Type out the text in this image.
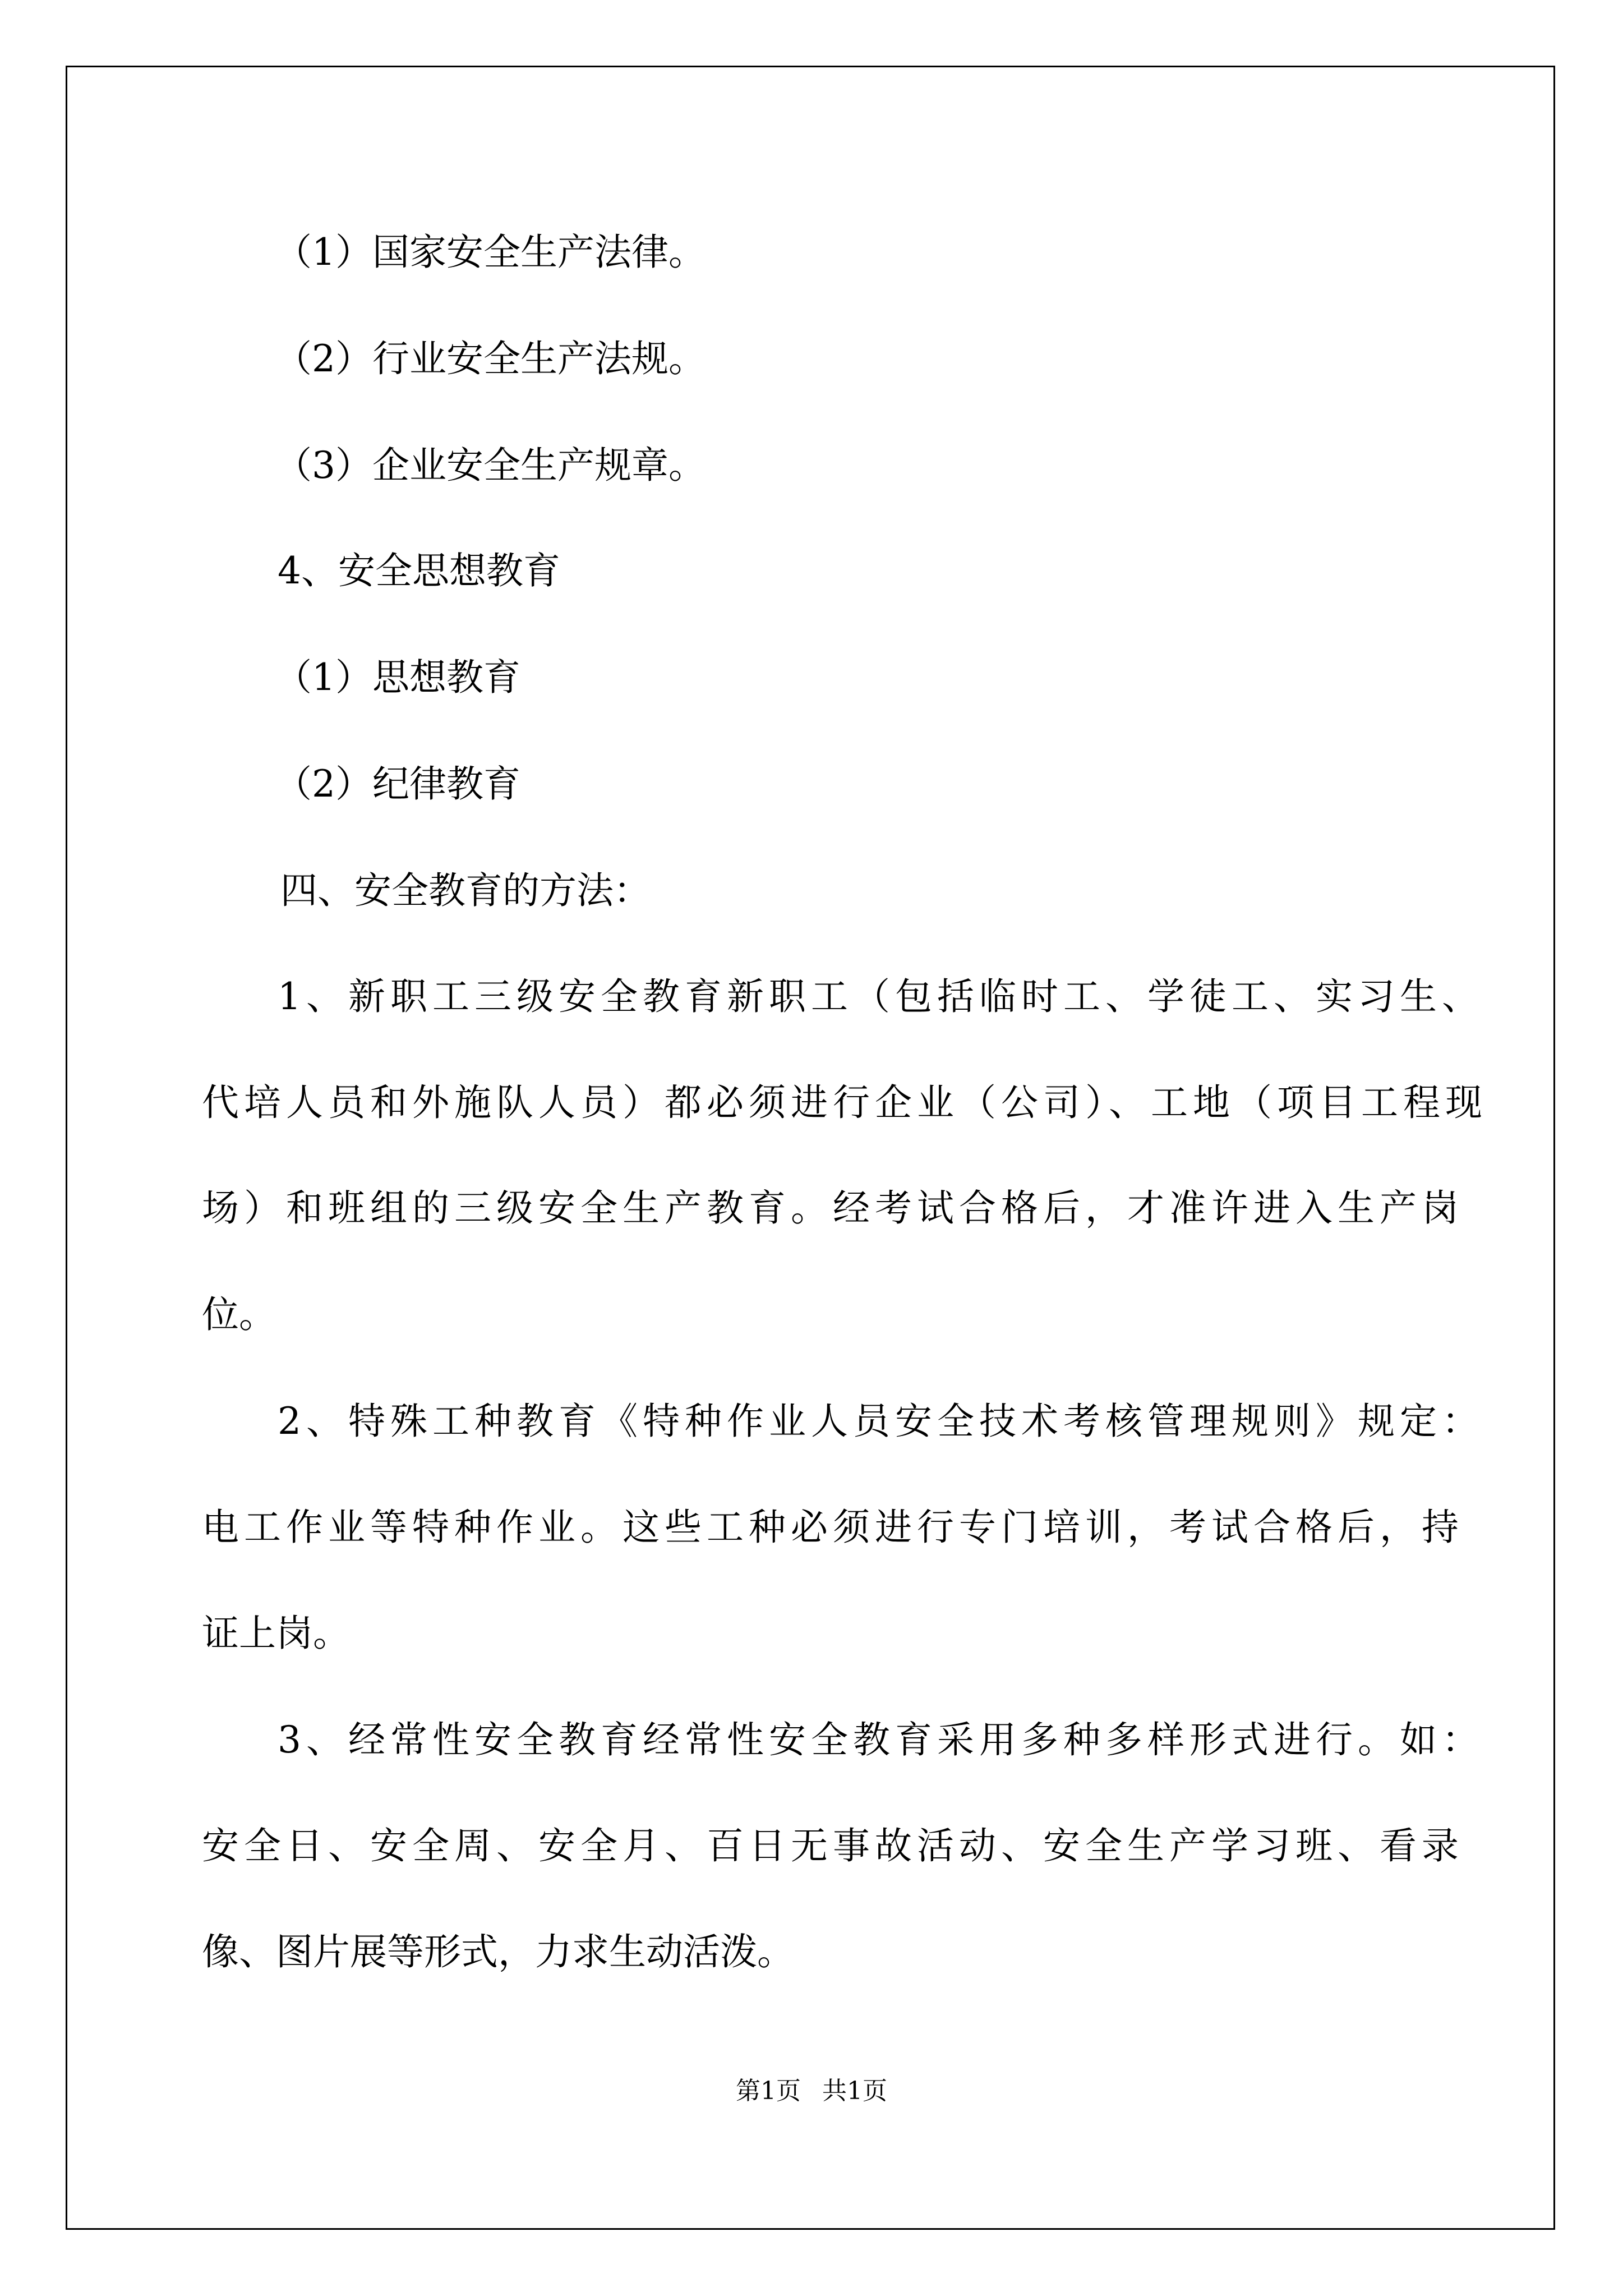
（1）国家安全生产法律。

（2）行业安全生产法规。

（3）企业安全生产规章。

4、安全思想教育

（1）思想教育

（2）纪律教育

四、安全教育的方法：

1、新职工三级安全教育新职工（包括临时工、学徒工、实习生、

代培人员和外施队人员）都必须进行企业（公司）、工地（项目工程现

场）和班组的三级安全生产教育。经考试合格后，才准许进入生产岗

位。

2、特殊工种教育《特种作业人员安全技术考核管理规则》规定：

电工作业等特种作业。这些工种必须进行专门培训，考试合格后，持

证上岗。

3、经常性安全教育经常性安全教育采用多种多样形式进行。如：

安全日、安全周、安全月、百日无事故活动、安全生产学习班、看录

像、图片展等形式，力求生动活泼。

第1页 共1页
